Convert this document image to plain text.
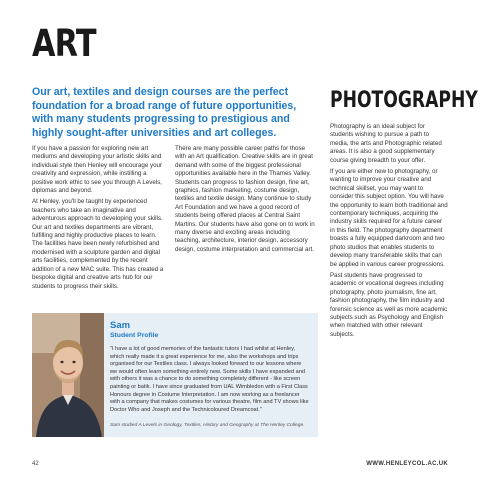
ART

Our art, textiles and design courses are the perfect foundation for a broad range of future opportunities, with many students progressing to prestigious and highly sought-after universities and art colleges.

If you have a passion for exploring new art mediums and developing your artistic skills and individual style then Henley will encourage your creativity and expression, while instilling a positive work ethic to see you through A Levels, diplomas and beyond.

At Henley, you'll be taught by experienced teachers who take an imaginative and adventurous approach to developing your skills. Our art and textiles departments are vibrant, fulfilling and highly productive places to learn. The facilities have been newly refurbished and modernised with a sculpture garden and digital arts facilities, complemented by the recent addition of a new MAC suite. This has created a bespoke digital and creative arts hub for our students to progress their skills.

There are many possible career paths for those with an Art qualification. Creative skills are in great demand with some of the biggest professional opportunities available here in the Thames Valley. Students can progress to fashion design, fine art, graphics, fashion marketing, costume design, textiles and textile design. Many continue to study Art Foundation and we have a good record of students being offered places at Central Saint Martins. Our students have also gone on to work in many diverse and exciting areas including teaching, architecture, interior design, accessory design, costume interpretation and commercial art.

PHOTOGRAPHY

Photography is an ideal subject for students wishing to pursue a path to media, the arts and Photographic related areas. It is also a good supplementary course giving breadth to your offer.

If you are either new to photography, or wanting to improve your creative and technical skillset, you may want to consider this subject option. You will have the opportunity to learn both traditional and contemporary techniques, acquiring the industry skills required for a future career in this field. The photography department boasts a fully equipped darkroom and two photo studios that enables students to develop many transferable skills that can be applied in various career progressions.

Past students have progressed to academic or vocational degrees including photography, photo journalism, fine art, fashion photography, the film industry and forensic science as well as more academic subjects such as Psychology and English when matched with other relevant subjects.

Sam
Student Profile

"I have a lot of good memories of the fantastic tutors I had whilst at Henley, which really made it a great experience for me, also the workshops and trips organised for our Textiles class. I always looked forward to our lessons where we would often learn something entirely new. Some skills I have expanded and with others it was a chance to do something completely different - like screen painting or batik. I have since graduated from UAL Wimbledon with a First Class Honours degree in Costume Interpretation. I am now working as a freelancer with a company that makes costumes for various theatre, film and TV shows like Doctor Who and Joseph and the Technicoloured Dreamcoat."

Sam studied A Levels in Geology, Textiles, History and Geography at The Henley College.

42	WWW.HENLEYCOL.AC.UK
